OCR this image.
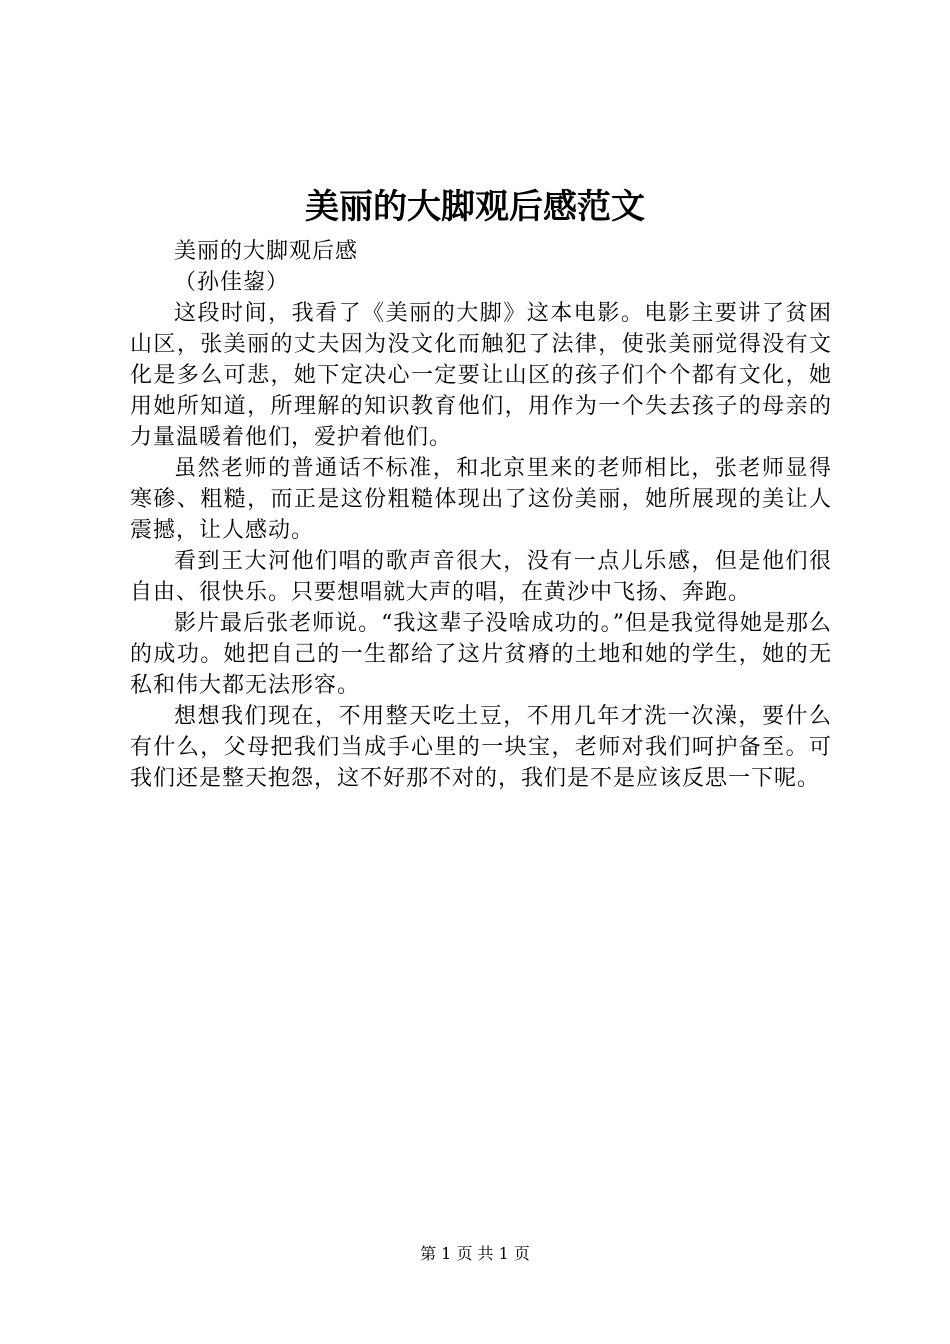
美丽的大脚观后感范文

美丽的大脚观后感

（孙佳鋆）

这段时间，我看了《美丽的大脚》这本电影。电影主要讲了贫困山区，张美丽的丈夫因为没文化而触犯了法律，使张美丽觉得没有文化是多么可悲，她下定决心一定要让山区的孩子们个个都有文化，她用她所知道，所理解的知识教育他们，用作为一个失去孩子的母亲的力量温暖着他们，爱护着他们。

虽然老师的普通话不标准，和北京里来的老师相比，张老师显得寒碜、粗糙，而正是这份粗糙体现出了这份美丽，她所展现的美让人震撼，让人感动。

看到王大河他们唱的歌声音很大，没有一点儿乐感，但是他们很自由、很快乐。只要想唱就大声的唱，在黄沙中飞扬、奔跑。

影片最后张老师说。“我这辈子没啥成功的。”但是我觉得她是那么的成功。她把自己的一生都给了这片贫瘠的土地和她的学生，她的无私和伟大都无法形容。

想想我们现在，不用整天吃土豆，不用几年才洗一次澡，要什么有什么，父母把我们当成手心里的一块宝，老师对我们呵护备至。可我们还是整天抱怨，这不好那不对的，我们是不是应该反思一下呢。

第 1 页 共 1 页
